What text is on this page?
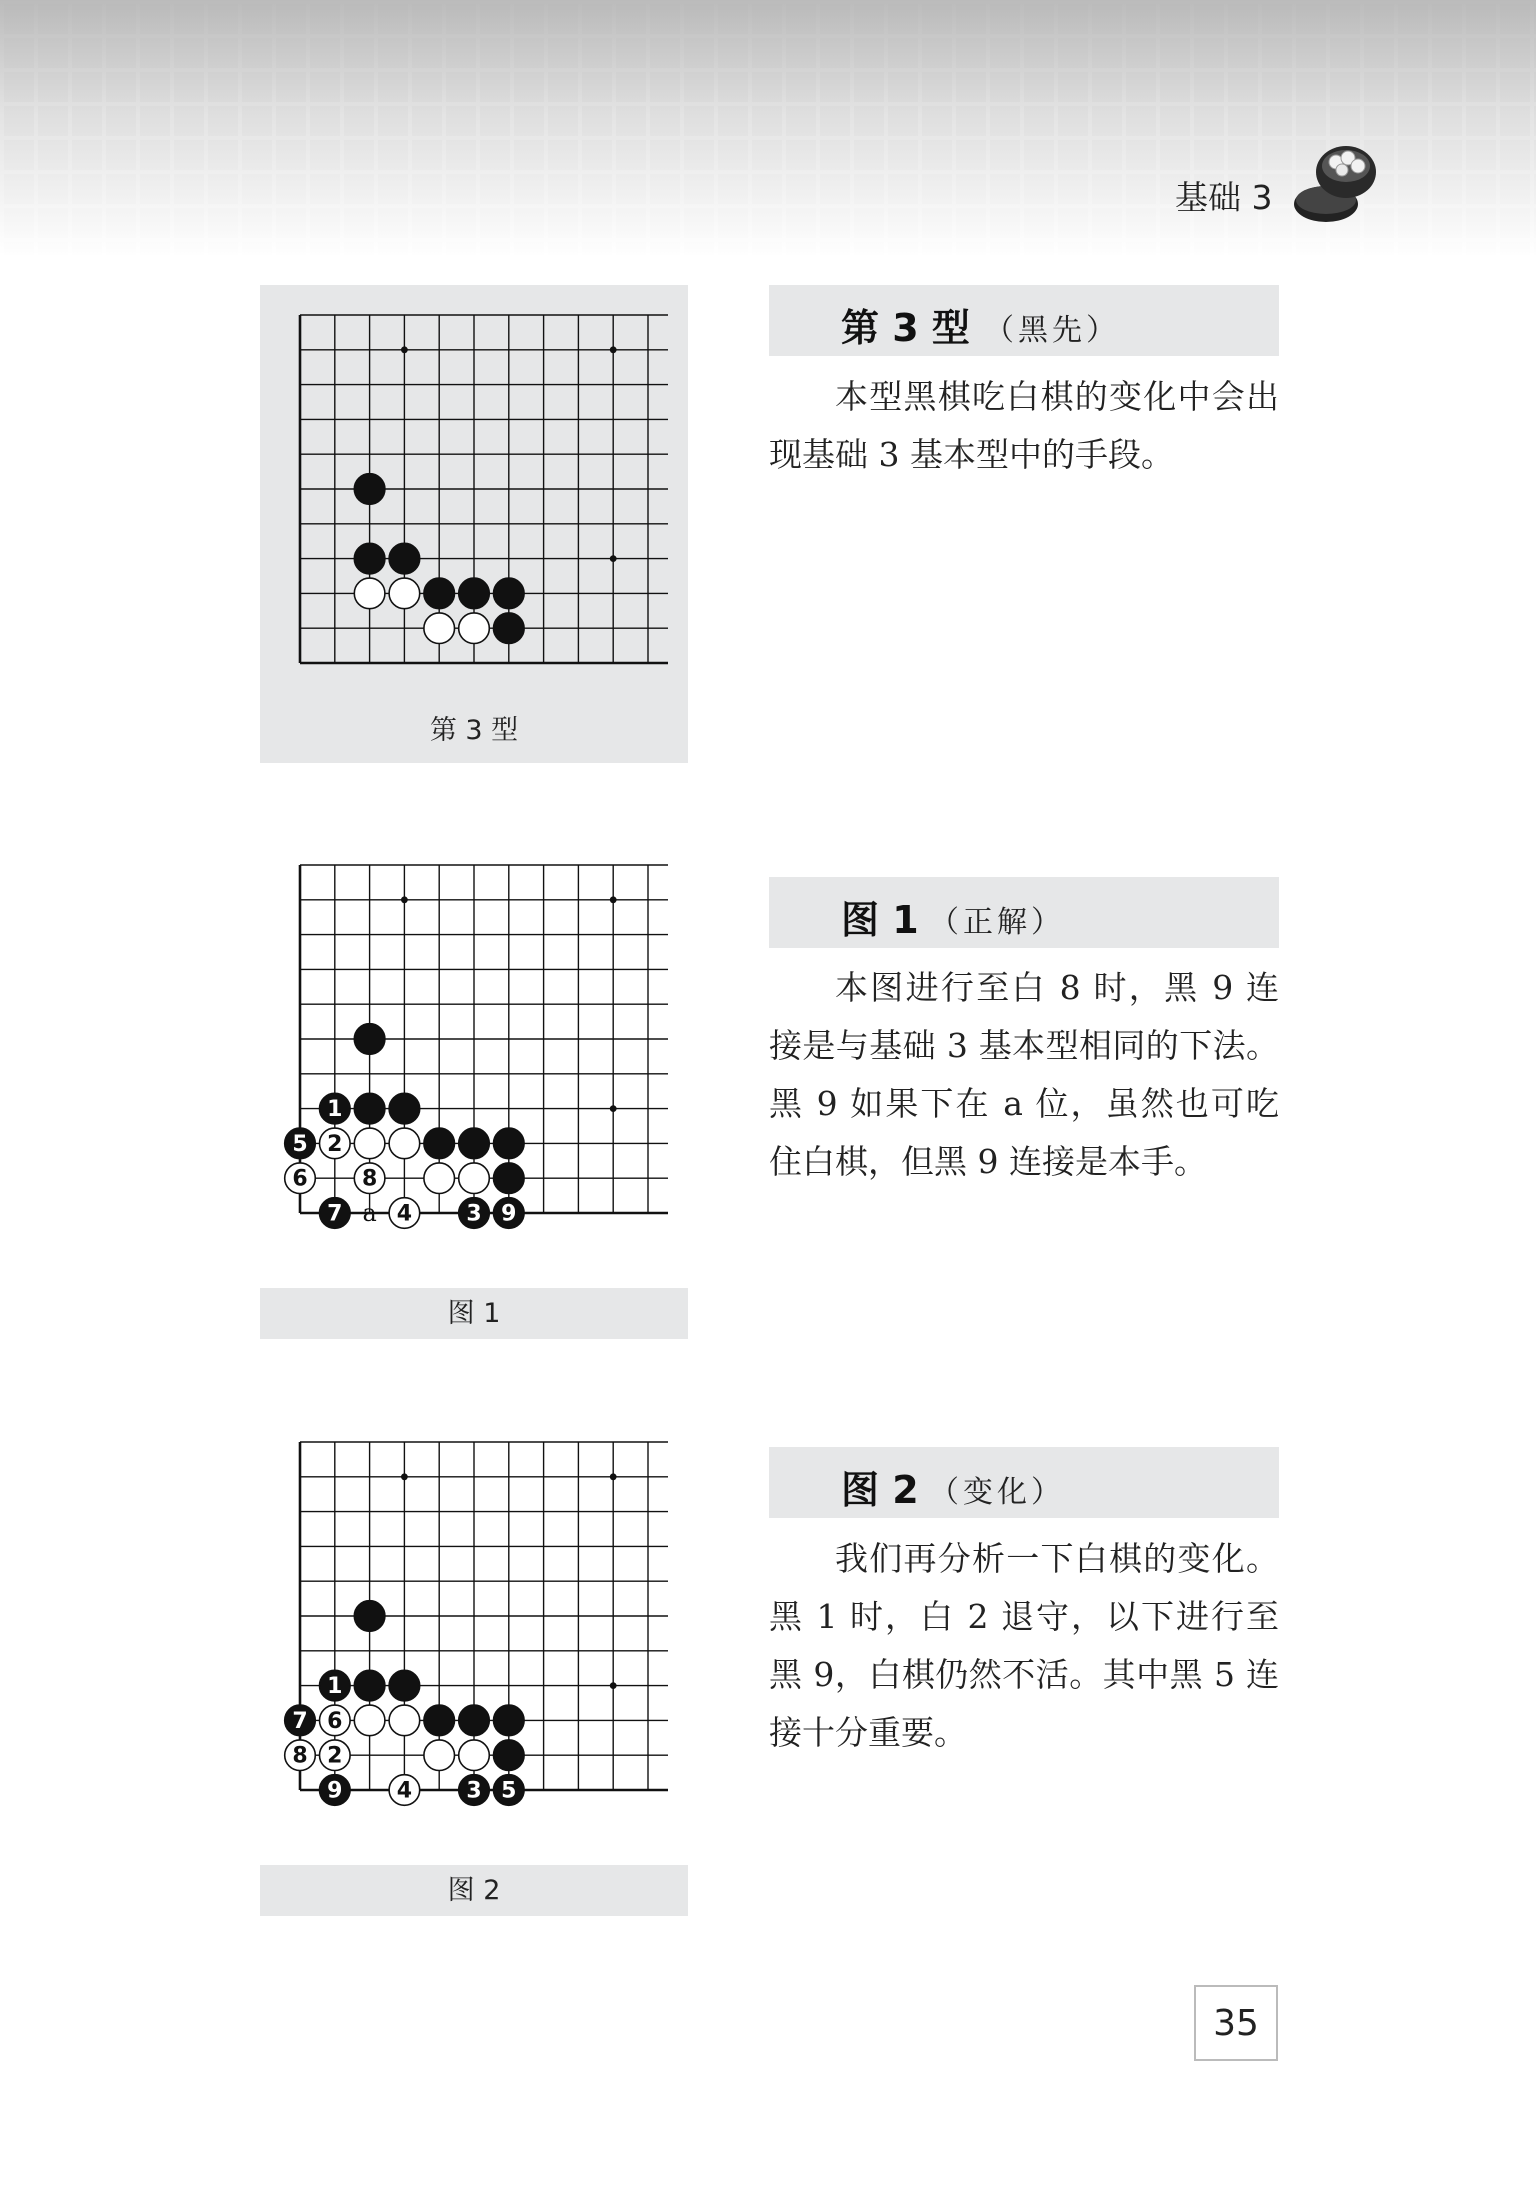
基础 3
第 3 型
第 3 型 （黑先）

本型黑棋吃白棋的变化中会出现基础 3 基本型中的手段。

1
5 2
6 8
7 a 4 3 9
图 1
图 1 （正解）

本图进行至白 8 时，黑 9 连接是与基础 3 基本型相同的下法。黑 9 如果下在 a 位，虽然也可吃住白棋，但黑 9 连接是本手。

1
7 6
8 2
9 4 3 5
图 2
图 2 （变化）

我们再分析一下白棋的变化。黑 1 时，白 2 退守，以下进行至黑 9，白棋仍然不活。其中黑 5 连接十分重要。

35
